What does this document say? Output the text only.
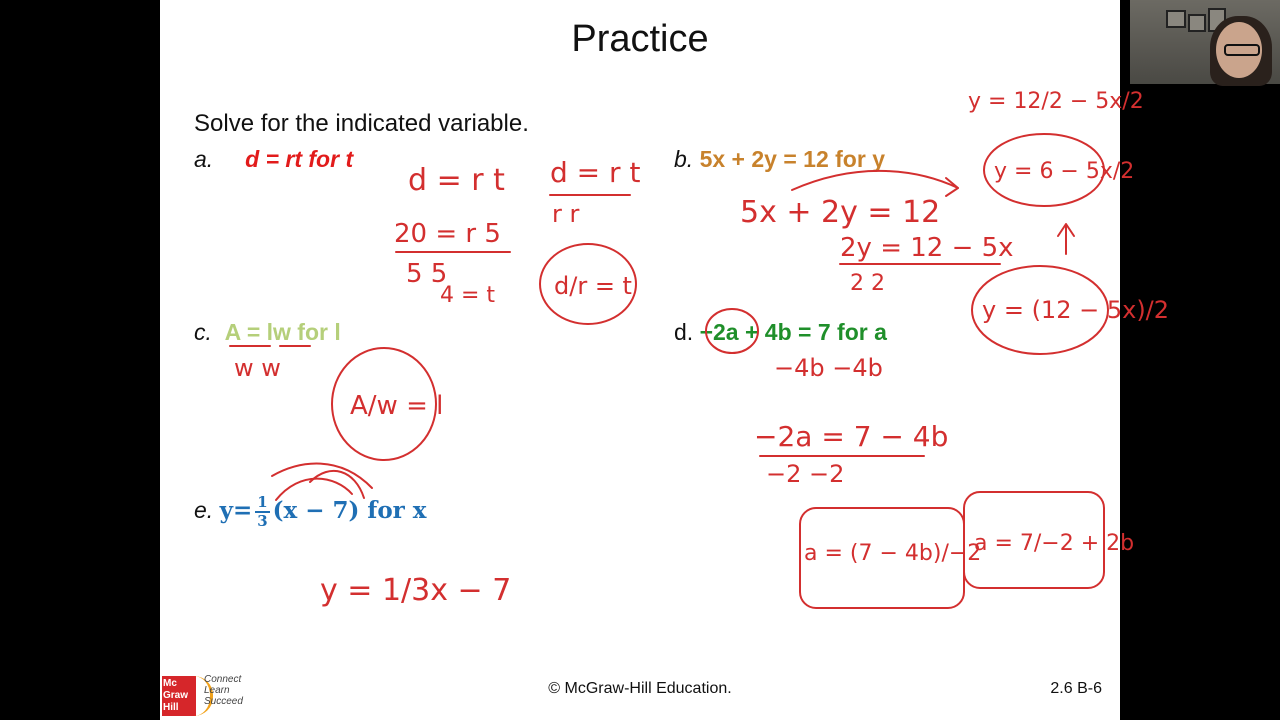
Practice
Solve for the indicated variable.
a. d = rt for t	b. 5x + 2y = 12 for y
c. A = lw for l	d. −2a + 4b = 7 for a
e. $y= \frac{1}{3} (x - 7)$ for x
d = r t d = r t
r r
20 = r 5
5 5
4 = t d/r = t
y = 12/2 − 5x/2
y = 6 − 5x/2
5x + 2y = 12
2y = 12 − 5x
2 2
y = (12 − 5x)/2
w w
A/w = l
−4b −4b
−2a = 7 − 4b
−2 −2
a = (7 − 4b)/−2
a = 7/−2 + 2b
y = 1/3x − 7
Mc
Graw
Hill
Connect
Learn
Succeed
© McGraw-Hill Education.	2.6 B-6
